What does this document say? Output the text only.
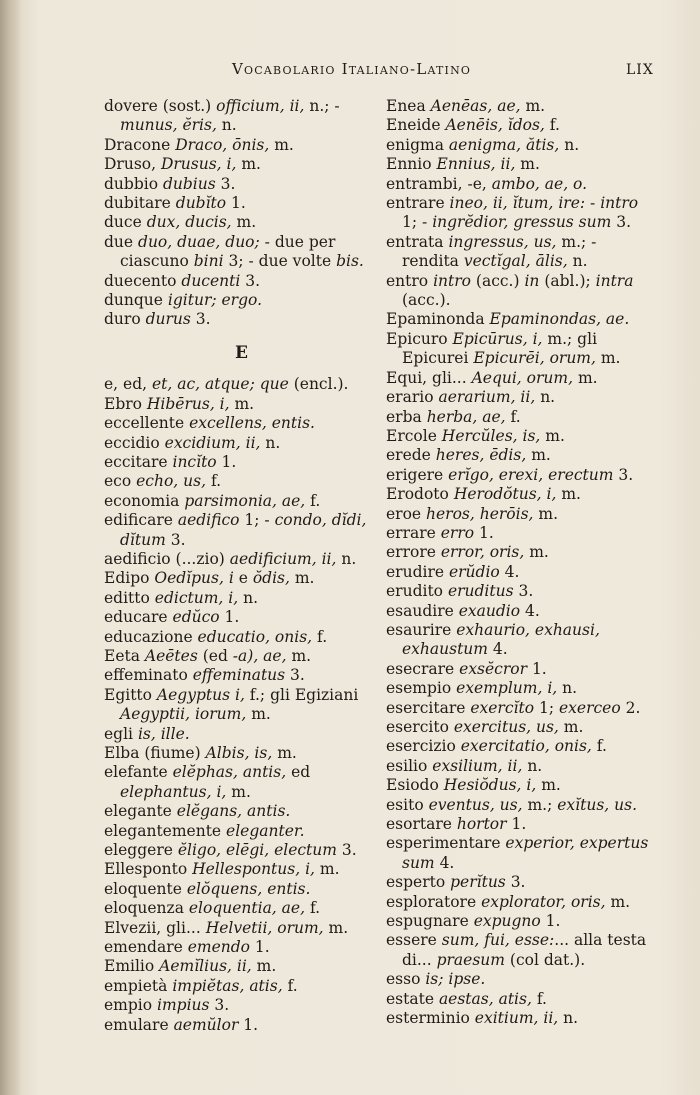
Vocabolario Italiano-Latino	LIX
dovere (sost.) officium, ii, n.; - munus, ĕris, n.
Dracone Draco, ōnis, m.
Druso, Drusus, i, m.
dubbio dubius 3.
dubitare dubĭto 1.
duce dux, ducis, m.
due duo, duae, duo; - due per ciascuno bini 3; - due volte bis.
duecento ducenti 3.
dunque igitur; ergo.
duro durus 3.
E
e, ed, et, ac, atque; que (encl.).
Ebro Hibērus, i, m.
eccellente excellens, entis.
eccidio excidium, ii, n.
eccitare incĭto 1.
eco echo, us, f.
economia parsimonia, ae, f.
edificare aedifico 1; - condo, dĭdi, dĭtum 3.
aedificio (...zio) aedificium, ii, n.
Edipo Oedĭpus, i e ŏdis, m.
editto edictum, i, n.
educare edŭco 1.
educazione educatio, onis, f.
Eeta Aeētes (ed -a), ae, m.
effeminato effeminatus 3.
Egitto Aegyptus i, f.; gli Egiziani Aegyptii, iorum, m.
egli is, ille.
Elba (fiume) Albis, is, m.
elefante elĕphas, antis, ed elephantus, i, m.
elegante elĕgans, antis.
elegantemente eleganter.
eleggere ĕligo, elēgi, electum 3.
Ellesponto Hellespontus, i, m.
eloquente elŏquens, entis.
eloquenza eloquentia, ae, f.
Elvezii, gli... Helvetii, orum, m.
emendare emendo 1.
Emilio Aemĭlius, ii, m.
empietà impiĕtas, atis, f.
empio impius 3.
emulare aemŭlor 1.
Enea Aenēas, ae, m.
Eneide Aenēis, ĭdos, f.
enigma aenigma, ătis, n.
Ennio Ennius, ii, m.
entrambi, -e, ambo, ae, o.
entrare ineo, ii, ĭtum, ire: - intro 1; - ingrĕdior, gressus sum 3.
entrata ingressus, us, m.; - rendita vectĭgal, ālis, n.
entro intro (acc.) in (abl.); intra (acc.).
Epaminonda Epaminondas, ae.
Epicuro Epicūrus, i, m.; gli Epicurei Epicurēi, orum, m.
Equi, gli... Aequi, orum, m.
erario aerarium, ii, n.
erba herba, ae, f.
Ercole Hercŭles, is, m.
erede heres, ēdis, m.
erigere erĭgo, erexi, erectum 3.
Erodoto Herodŏtus, i, m.
eroe heros, herōis, m.
errare erro 1.
errore error, oris, m.
erudire erŭdio 4.
erudito eruditus 3.
esaudire exaudio 4.
esaurire exhaurio, exhausi, exhaustum 4.
esecrare exsĕcror 1.
esempio exemplum, i, n.
esercitare exercĭto 1; exerceo 2.
esercito exercitus, us, m.
esercizio exercitatio, onis, f.
esilio exsilium, ii, n.
Esiodo Hesiŏdus, i, m.
esito eventus, us, m.; exĭtus, us.
esortare hortor 1.
esperimentare experior, expertus sum 4.
esperto perĭtus 3.
esploratore explorator, oris, m.
espugnare expugno 1.
essere sum, fui, esse:... alla testa di... praesum (col dat.).
esso is; ipse.
estate aestas, atis, f.
esterminio exitium, ii, n.
